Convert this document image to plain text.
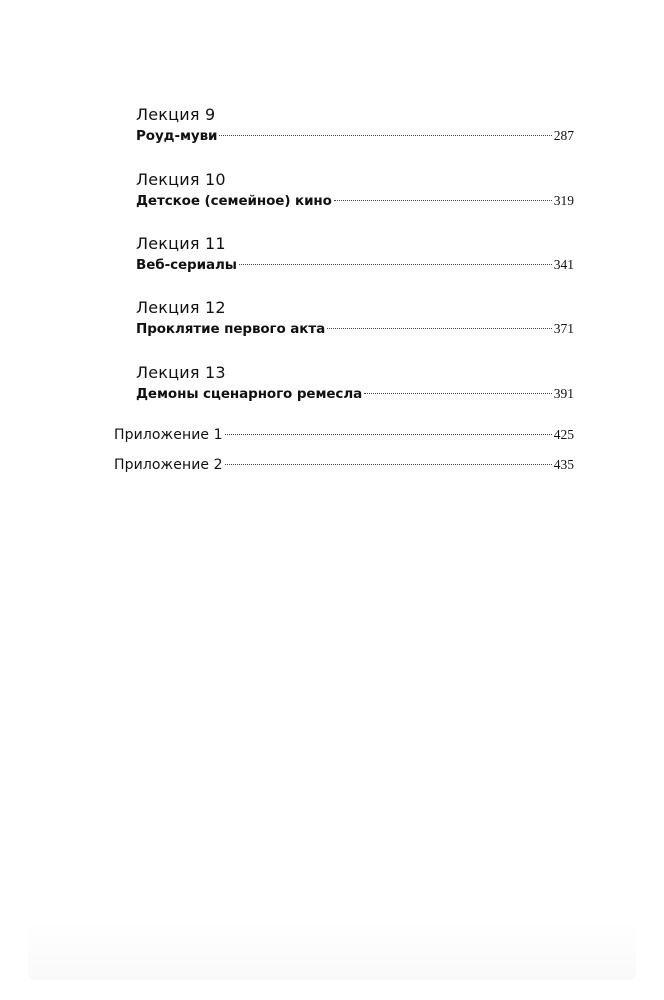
Лекция 9
Роуд-муви	287
Лекция 10
Детское (семейное) кино	319
Лекция 11
Веб-сериалы	341
Лекция 12
Проклятие первого акта	371
Лекция 13
Демоны сценарного ремесла	391
Приложение 1	425
Приложение 2	435
